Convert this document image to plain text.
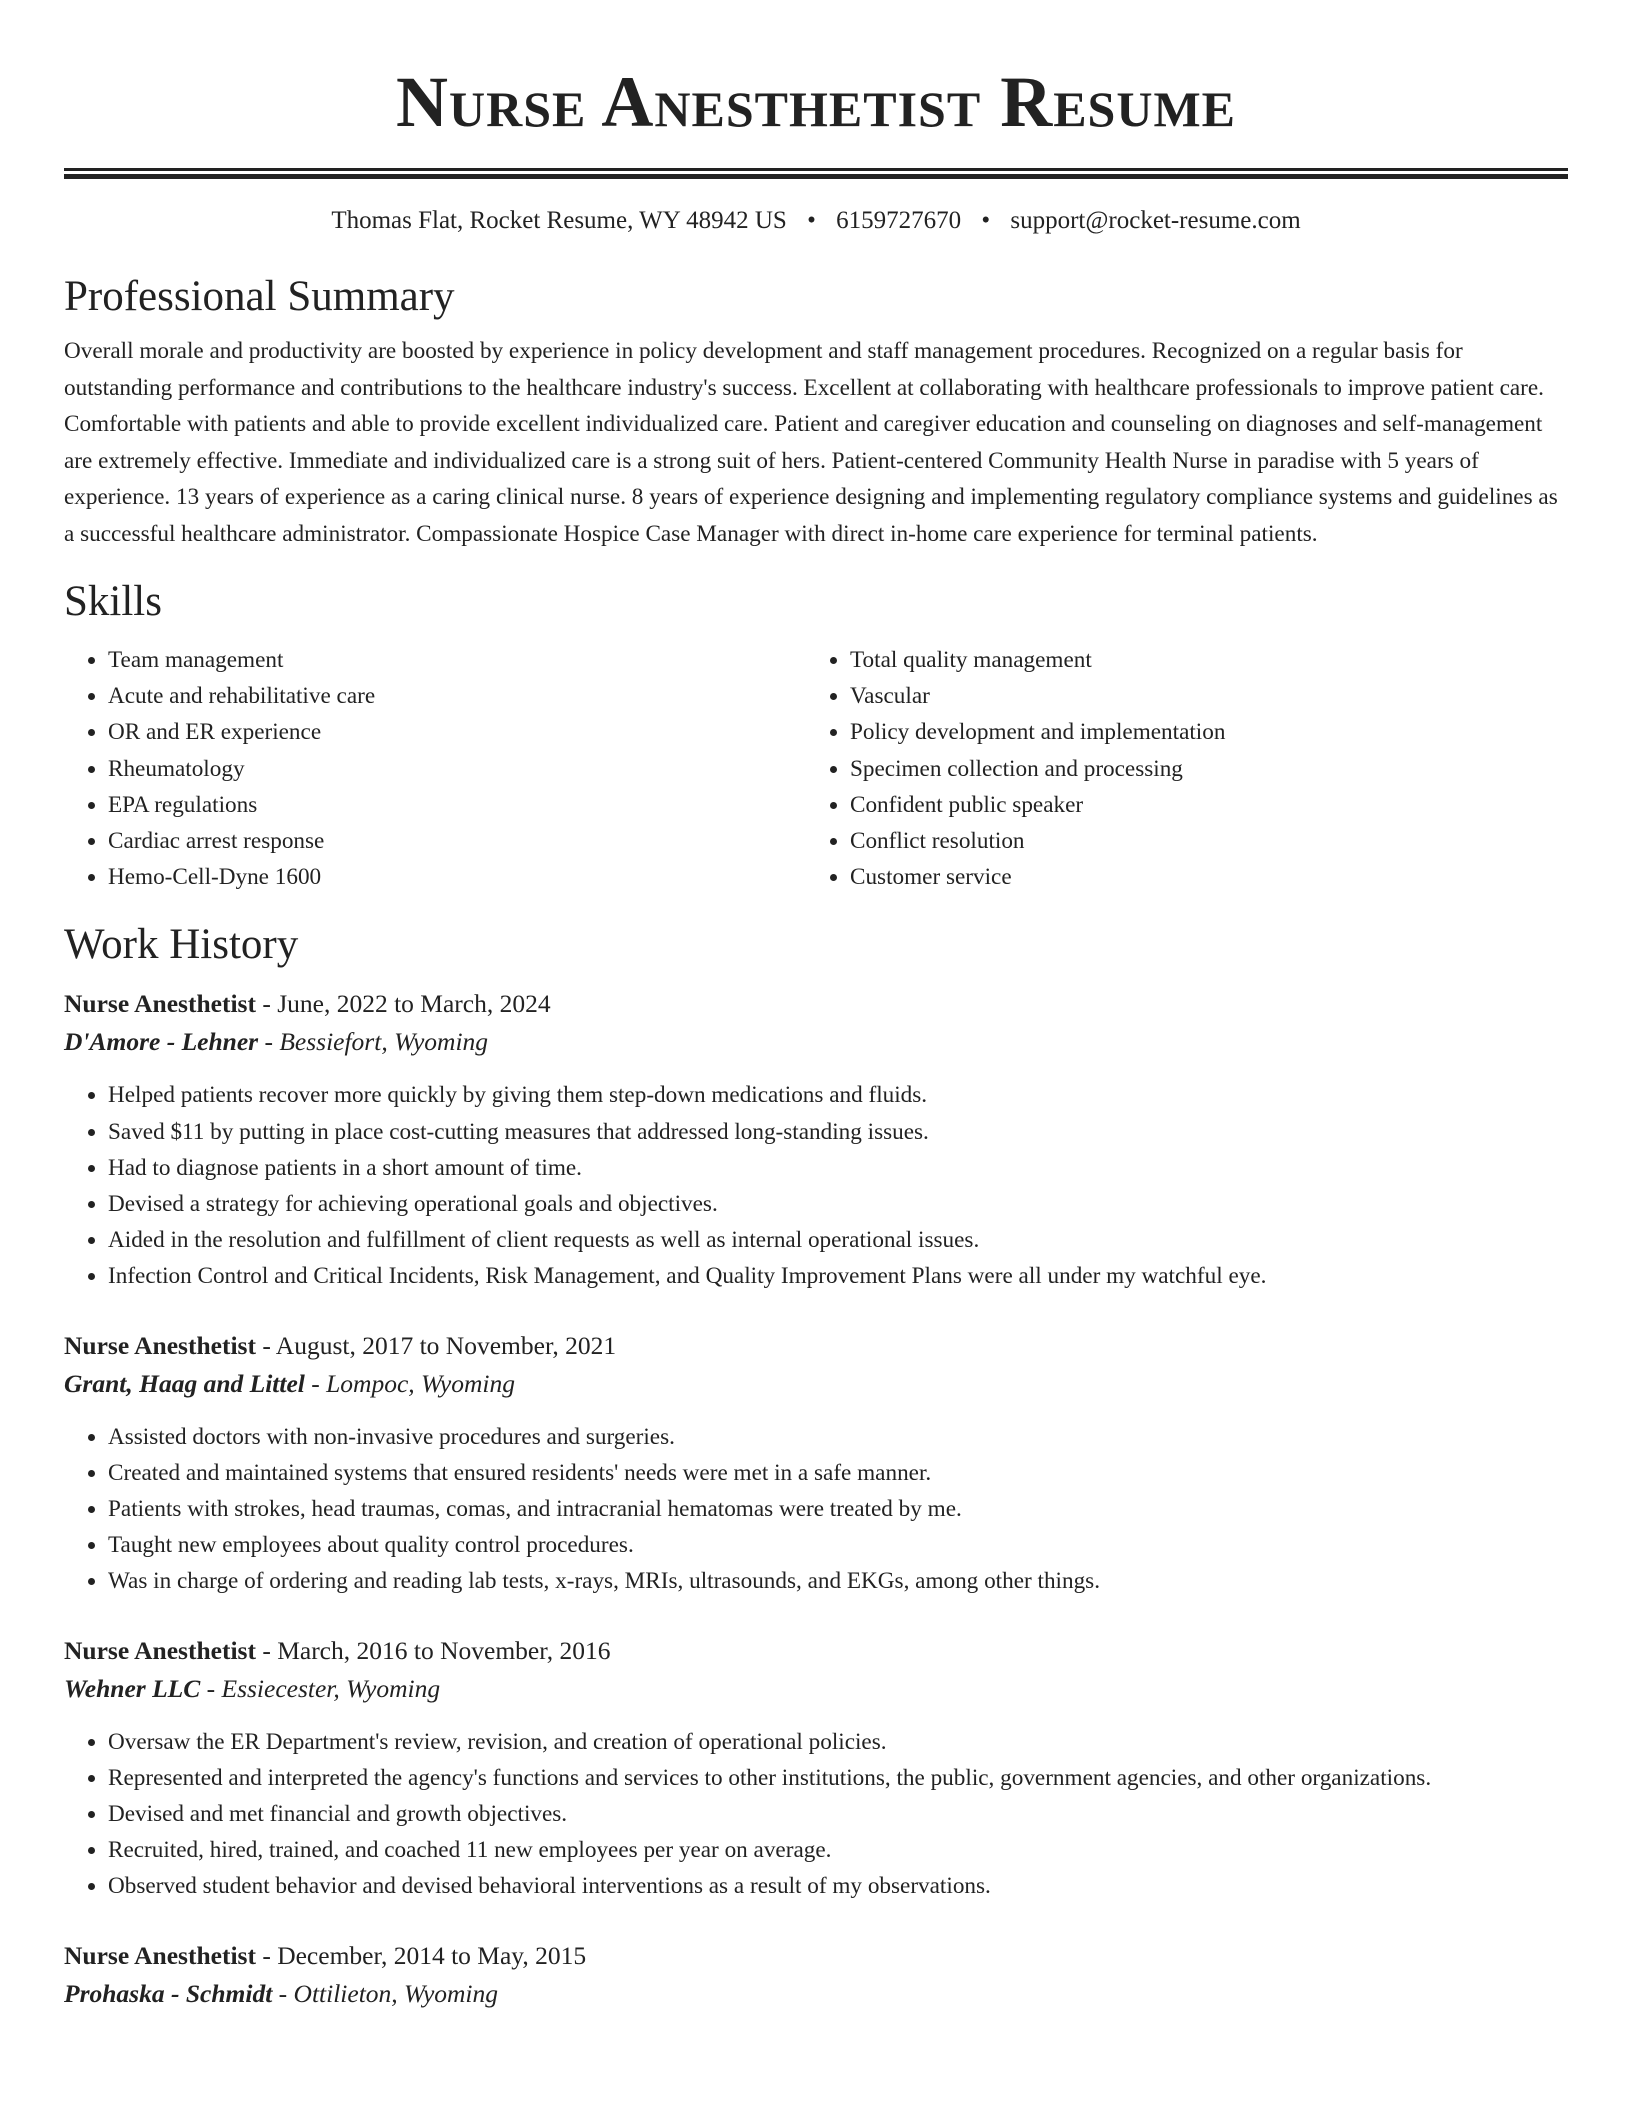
Nurse Anesthetist Resume
Thomas Flat, Rocket Resume, WY 48942 US • 6159727670 • support@rocket-resume.com
Professional Summary

Overall morale and productivity are boosted by experience in policy development and staff management procedures. Recognized on a regular basis for outstanding performance and contributions to the healthcare industry's success. Excellent at collaborating with healthcare professionals to improve patient care. Comfortable with patients and able to provide excellent individualized care. Patient and caregiver education and counseling on diagnoses and self-management are extremely effective. Immediate and individualized care is a strong suit of hers. Patient-centered Community Health Nurse in paradise with 5 years of experience. 13 years of experience as a caring clinical nurse. 8 years of experience designing and implementing regulatory compliance systems and guidelines as a successful healthcare administrator. Compassionate Hospice Case Manager with direct in-home care experience for terminal patients.

Skills
• Team management
• Acute and rehabilitative care
• OR and ER experience
• Rheumatology
• EPA regulations
• Cardiac arrest response
• Hemo-Cell-Dyne 1600
• Total quality management
• Vascular
• Policy development and implementation
• Specimen collection and processing
• Confident public speaker
• Conflict resolution
• Customer service
Work History
Nurse Anesthetist - June, 2022 to March, 2024
D'Amore - Lehner - Bessiefort, Wyoming
• Helped patients recover more quickly by giving them step-down medications and fluids.
• Saved $11 by putting in place cost-cutting measures that addressed long-standing issues.
• Had to diagnose patients in a short amount of time.
• Devised a strategy for achieving operational goals and objectives.
• Aided in the resolution and fulfillment of client requests as well as internal operational issues.
• Infection Control and Critical Incidents, Risk Management, and Quality Improvement Plans were all under my watchful eye.
Nurse Anesthetist - August, 2017 to November, 2021
Grant, Haag and Littel - Lompoc, Wyoming
• Assisted doctors with non-invasive procedures and surgeries.
• Created and maintained systems that ensured residents' needs were met in a safe manner.
• Patients with strokes, head traumas, comas, and intracranial hematomas were treated by me.
• Taught new employees about quality control procedures.
• Was in charge of ordering and reading lab tests, x-rays, MRIs, ultrasounds, and EKGs, among other things.
Nurse Anesthetist - March, 2016 to November, 2016
Wehner LLC - Essiecester, Wyoming
• Oversaw the ER Department's review, revision, and creation of operational policies.
• Represented and interpreted the agency's functions and services to other institutions, the public, government agencies, and other organizations.
• Devised and met financial and growth objectives.
• Recruited, hired, trained, and coached 11 new employees per year on average.
• Observed student behavior and devised behavioral interventions as a result of my observations.
Nurse Anesthetist - December, 2014 to May, 2015
Prohaska - Schmidt - Ottilieton, Wyoming
